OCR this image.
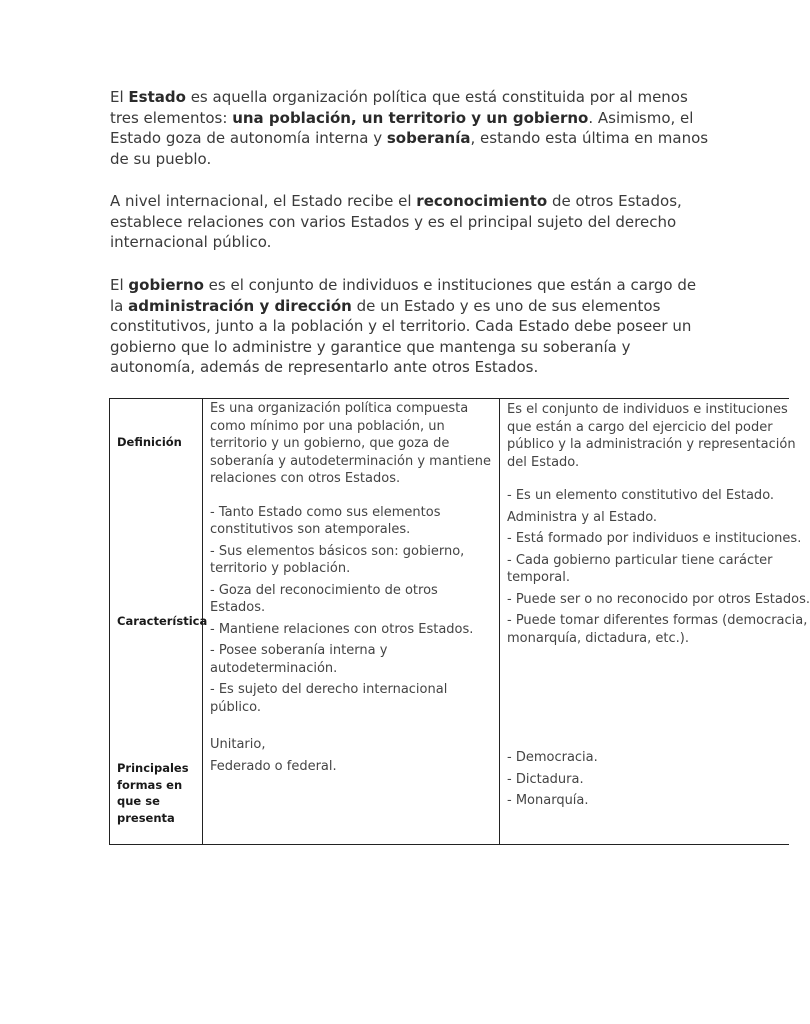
El Estado es aquella organización política que está constituida por al menos tres elementos: una población, un territorio y un gobierno. Asimismo, el Estado goza de autonomía interna y soberanía, estando esta última en manos de su pueblo.

A nivel internacional, el Estado recibe el reconocimiento de otros Estados, establece relaciones con varios Estados y es el principal sujeto del derecho internacional público.

El gobierno es el conjunto de individuos e instituciones que están a cargo de la administración y dirección de un Estado y es uno de sus elementos constitutivos, junto a la población y el territorio. Cada Estado debe poseer un gobierno que lo administre y garantice que mantenga su soberanía y autonomía, además de representarlo ante otros Estados.

Definición

Característica

Principales formas en que se presenta

Es una organización política compuesta como mínimo por una población, un territorio y un gobierno, que goza de soberanía y autodeterminación y mantiene relaciones con otros Estados.
- Tanto Estado como sus elementos constitutivos son atemporales.
- Sus elementos básicos son: gobierno, territorio y población.
- Goza del reconocimiento de otros Estados.
- Mantiene relaciones con otros Estados.
- Posee soberanía interna y autodeterminación.
- Es sujeto del derecho internacional público.
Unitario,
Federado o federal.
Es el conjunto de individuos e instituciones
que están a cargo del ejercicio del poder
público y la administración y representación
del Estado.
- Es un elemento constitutivo del Estado.
Administra y al Estado.
- Está formado por individuos e instituciones.
- Cada gobierno particular tiene carácter
temporal.
- Puede ser o no reconocido por otros Estados.
- Puede tomar diferentes formas (democracia,
monarquía, dictadura, etc.).
- Democracia.
- Dictadura.
- Monarquía.
